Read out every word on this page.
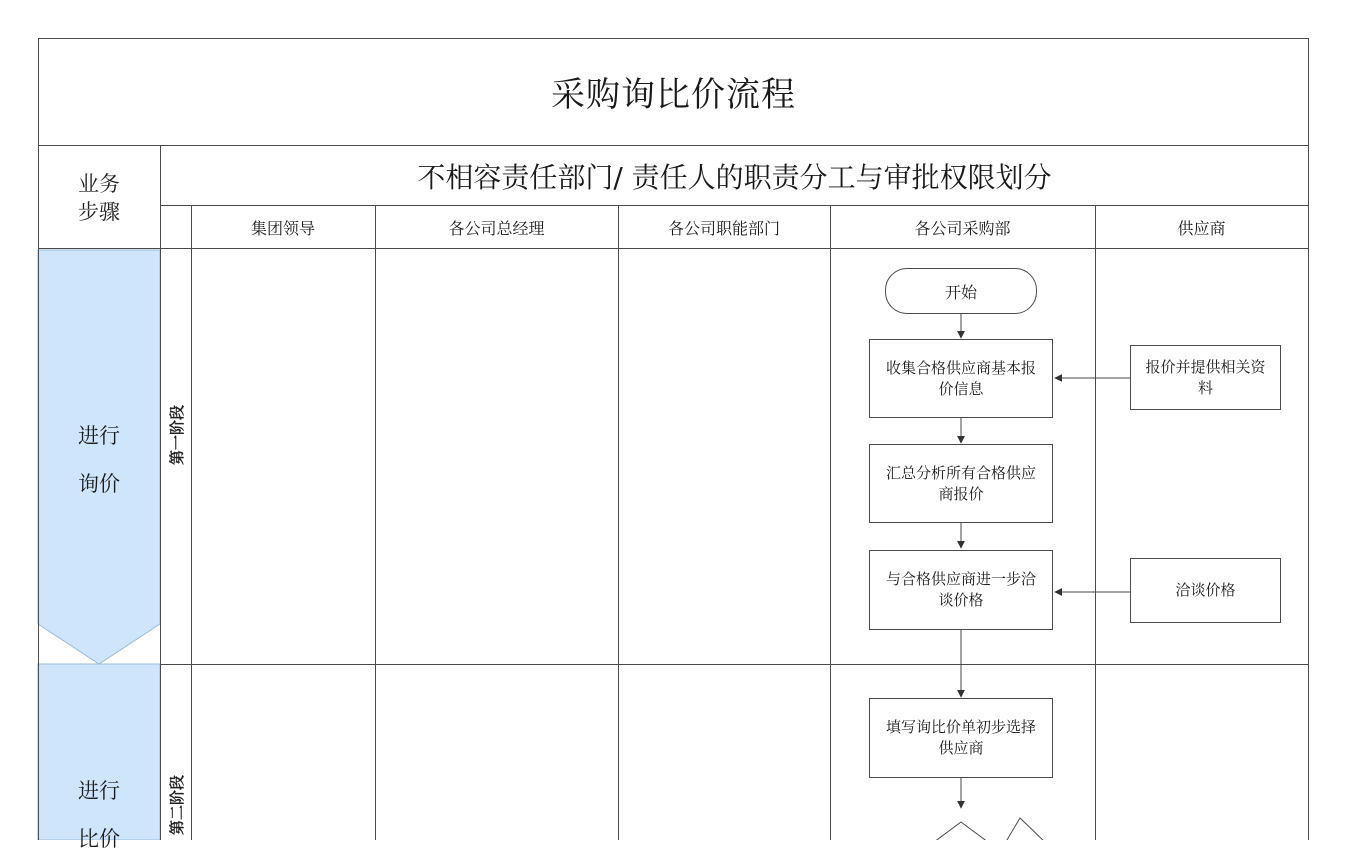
采购询比价流程
不相容责任部门/ 责任人的职责分工与审批权限划分
业务
步骤
集团领导	各公司总经理	各公司职能部门	各公司采购部	供应商
进行
询价
进行
比价
第一阶段
第二阶段
开始
收集合格供应商基本报价信息
报价并提供相关资料
汇总分析所有合格供应商报价
与合格供应商进一步洽谈价格
洽谈价格
填写询比价单初步选择供应商
